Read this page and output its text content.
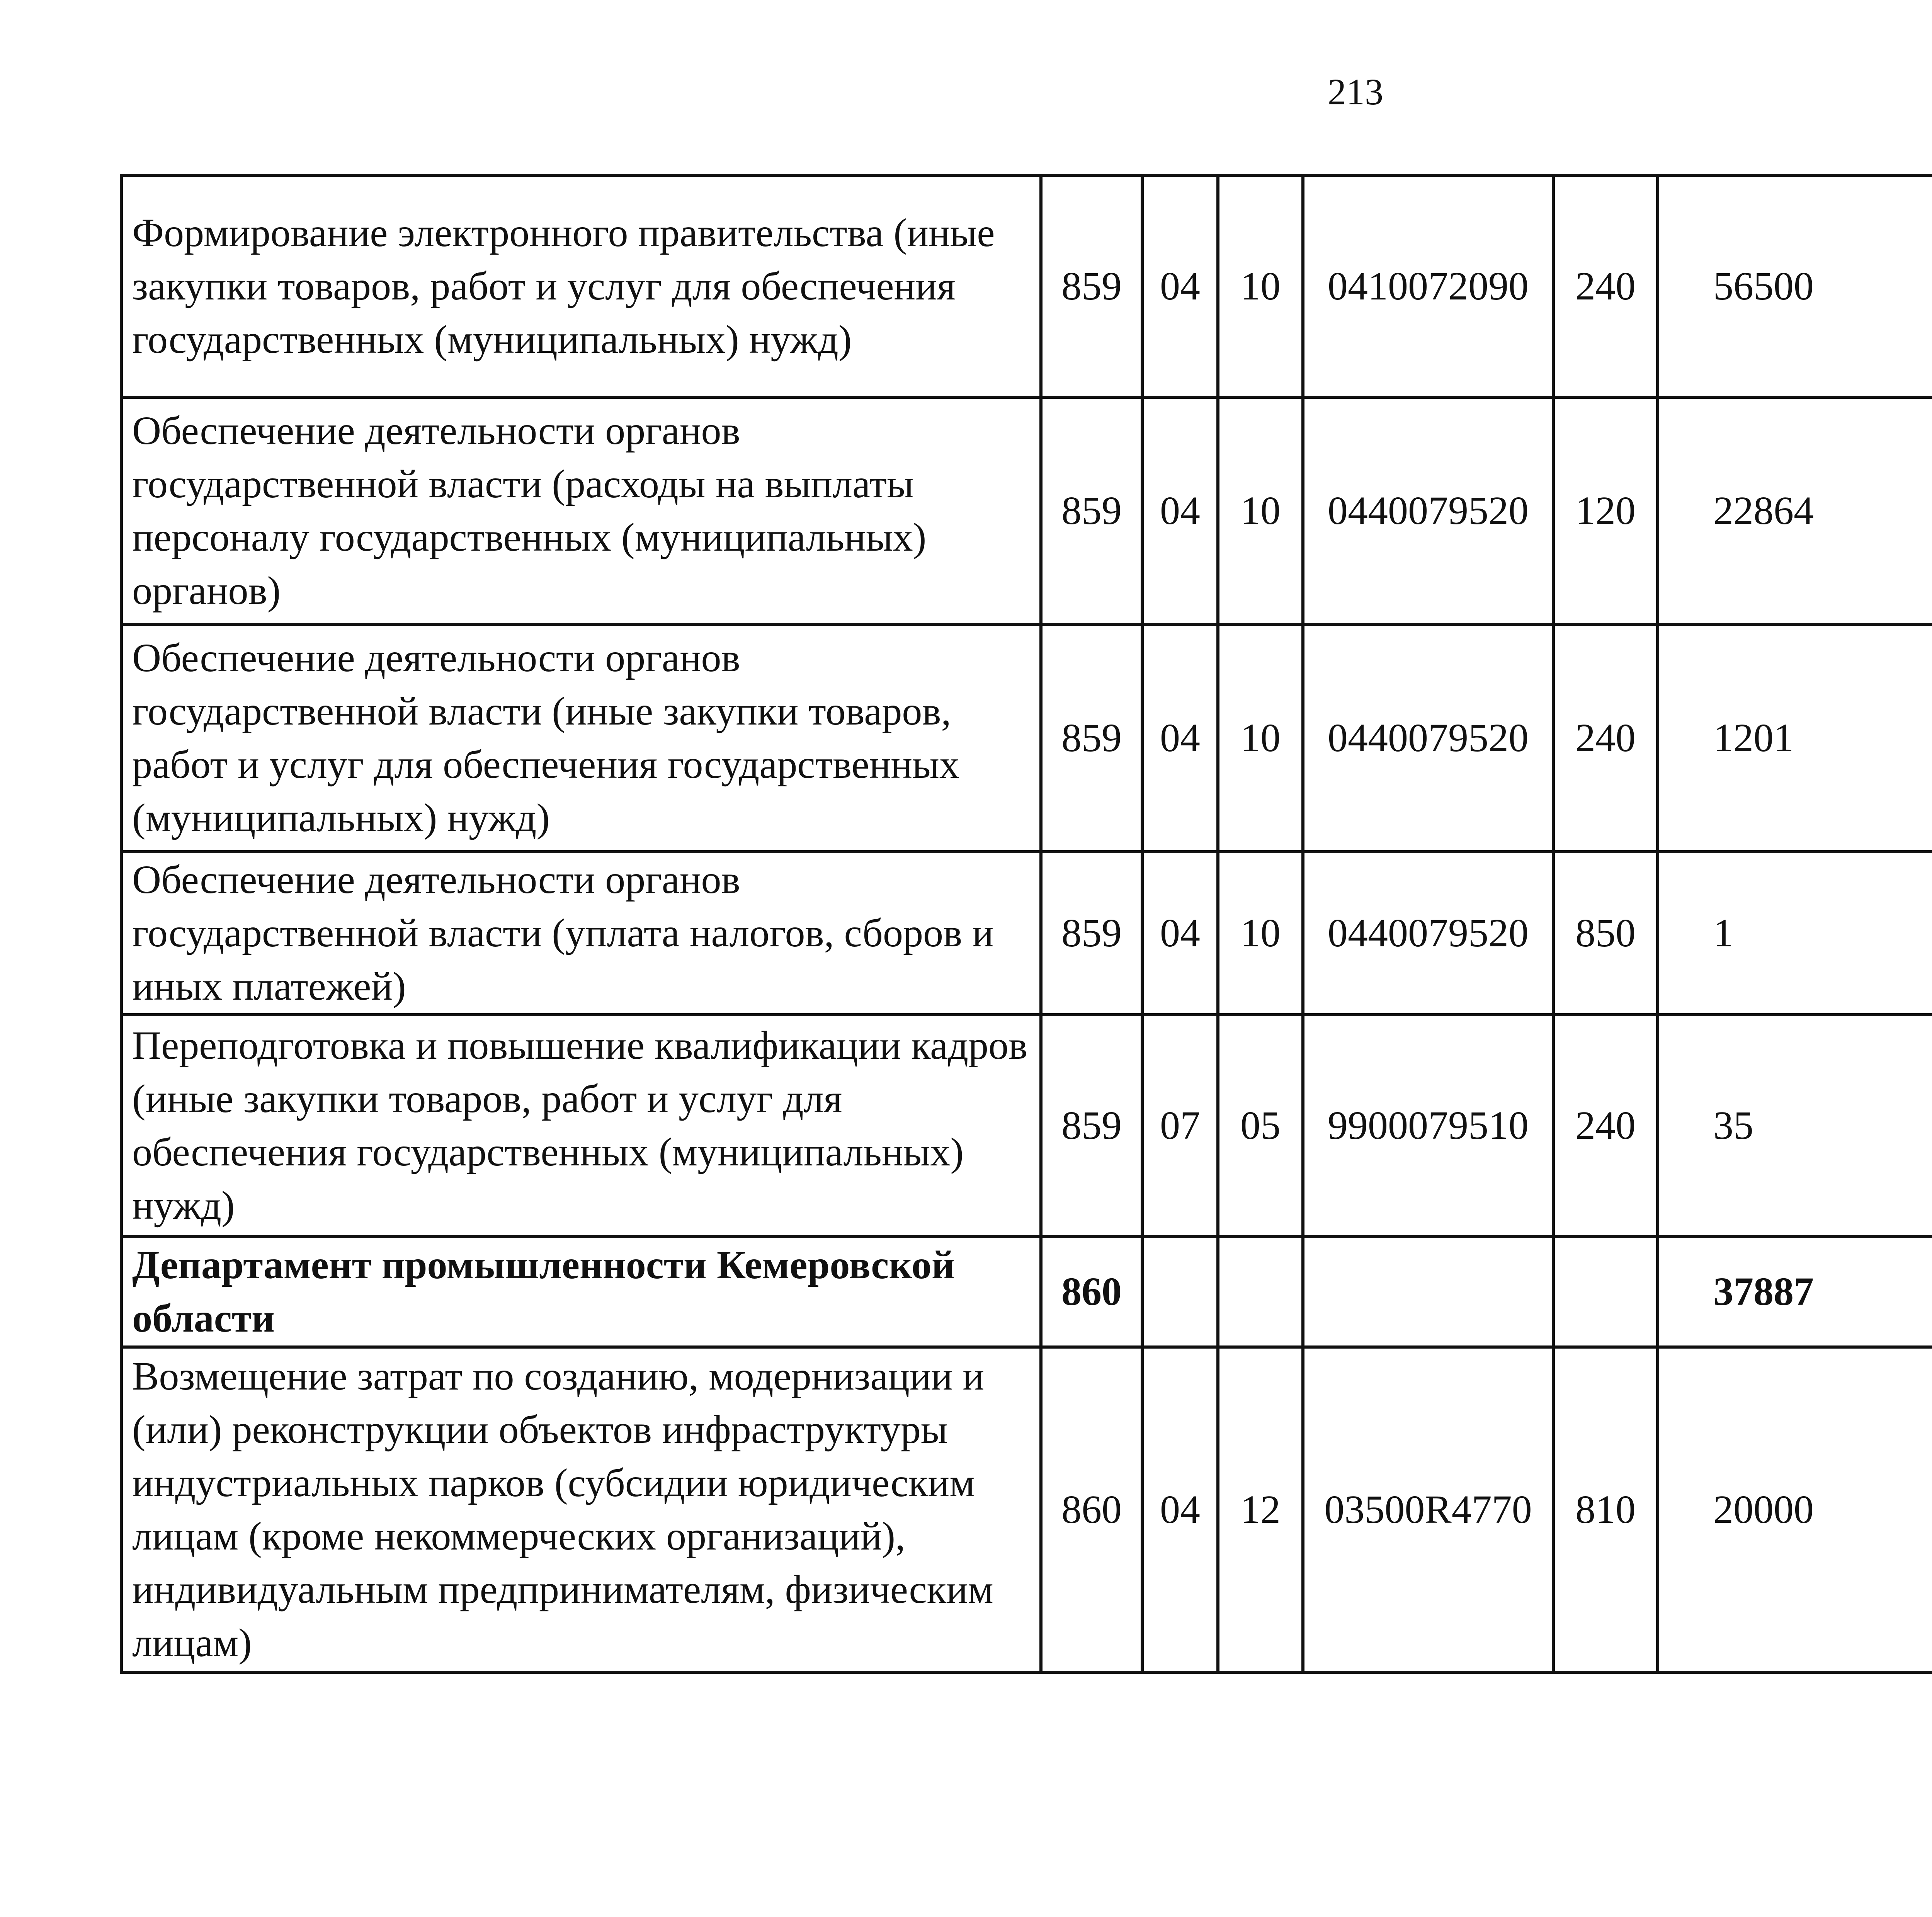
213
Формирование электронного правительства (иные закупки товаров, работ и услуг для обеспечения государственных (муниципальных) нужд)	859	04	10	0410072090	240	56500		
Обеспечение деятельности органов государственной власти (расходы на выплаты персоналу государственных (муниципальных) органов)	859	04	10	0440079520	120	22864		
Обеспечение деятельности органов государственной власти (иные закупки товаров, работ и услуг для обеспечения государственных (муниципальных) нужд)	859	04	10	0440079520	240	1201		
Обеспечение деятельности органов государственной власти (уплата налогов, сборов и иных платежей)	859	04	10	0440079520	850	1		
Переподготовка и повышение квалификации кадров (иные закупки товаров, работ и услуг для обеспечения государственных (муниципальных) нужд)	859	07	05	9900079510	240	35		
Департамент промышленности Кемеровской области	860					37887		
Возмещение затрат по созданию, модернизации и (или) реконструкции объектов инфраструктуры индустриальных парков (субсидии юридическим лицам (кроме некоммерческих организаций), индивидуальным предпринимателям, физическим лицам)	860	04	12	03500R4770	810	20000		
